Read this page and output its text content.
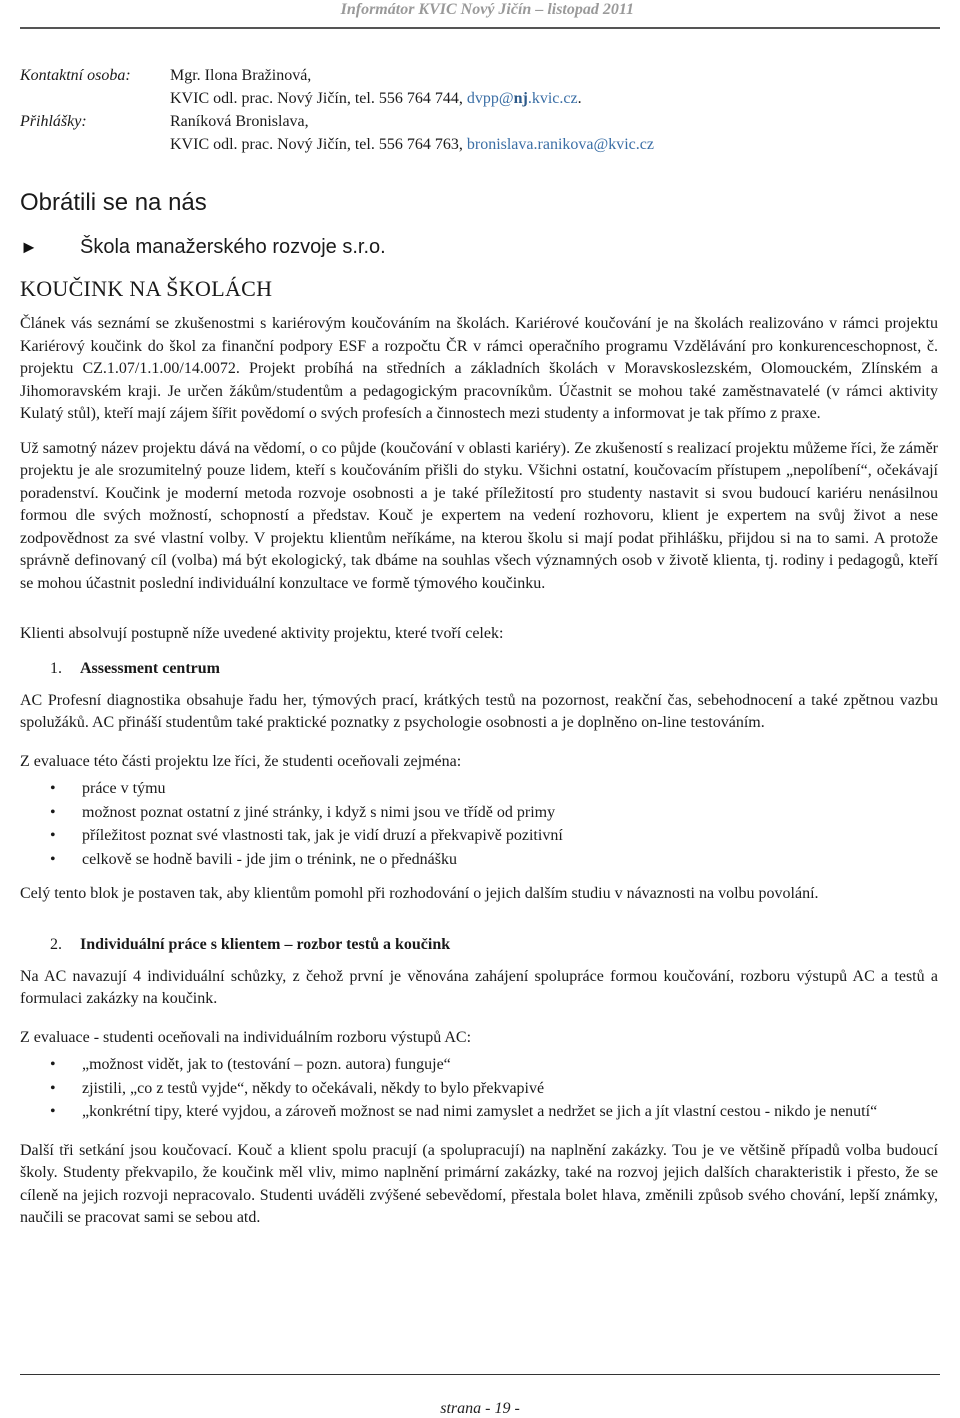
Informátor KVIC Nový Jičín – listopad 2011
Kontaktní osoba:	Mgr. Ilona Bražinová,
KVIC odl. prac. Nový Jičín, tel. 556 764 744, dvpp@nj.kvic.cz.
Přihlášky:	Raníková Bronislava,
KVIC odl. prac. Nový Jičín, tel. 556 764 763, bronislava.ranikova@kvic.cz
Obrátili se na nás
►	Škola manažerského rozvoje s.r.o.
KOUČINK NA ŠKOLÁCH

Článek vás seznámí se zkušenostmi s kariérovým koučováním na školách. Kariérové koučování je na školách realizováno v rámci projektu Kariérový koučink do škol za finanční podpory ESF a rozpočtu ČR v rámci operačního programu Vzdělávání pro konkurenceschopnost, č. projektu CZ.1.07/1.1.00/14.0072. Projekt probíhá na středních a základních školách v Moravskoslezském, Olomouckém, Zlínském a Jihomoravském kraji. Je určen žákům/studentům a pedagogickým pracovníkům. Účastnit se mohou také zaměstnavatelé (v rámci aktivity Kulatý stůl), kteří mají zájem šířit povědomí o svých profesích a činnostech mezi studenty a informovat je tak přímo z praxe.

Už samotný název projektu dává na vědomí, o co půjde (koučování v oblasti kariéry). Ze zkušeností s realizací projektu můžeme říci, že záměr projektu je ale srozumitelný pouze lidem, kteří s koučováním přišli do styku. Všichni ostatní, koučovacím přístupem „nepolíbení“, očekávají poradenství. Koučink je moderní metoda rozvoje osobnosti a je také příležitostí pro studenty nastavit si svou budoucí kariéru nenásilnou formou dle svých možností, schopností a představ. Kouč je expertem na vedení rozhovoru, klient je expertem na svůj život a nese zodpovědnost za své vlastní volby. V projektu klientům neříkáme, na kterou školu si mají podat přihlášku, přijdou si na to sami. A protože správně definovaný cíl (volba) má být ekologický, tak dbáme na souhlas všech významných osob v životě klienta, tj. rodiny i pedagogů, kteří se mohou účastnit poslední individuální konzultace ve formě týmového koučinku.

Klienti absolvují postupně níže uvedené aktivity projektu, které tvoří celek:

1.	Assessment centrum

AC Profesní diagnostika obsahuje řadu her, týmových prací, krátkých testů na pozornost, reakční čas, sebehodnocení a také zpětnou vazbu spolužáků. AC přináší studentům také praktické poznatky z psychologie osobnosti a je doplněno on-line testováním.

Z evaluace této části projektu lze říci, že studenti oceňovali zejména:

• práce v týmu
• možnost poznat ostatní z jiné stránky, i když s nimi jsou ve třídě od primy
• příležitost poznat své vlastnosti tak, jak je vidí druzí a překvapivě pozitivní
• celkově se hodně bavili - jde jim o trénink, ne o přednášku

Celý tento blok je postaven tak, aby klientům pomohl při rozhodování o jejich dalším studiu v návaznosti na volbu povolání.

2.	Individuální práce s klientem – rozbor testů a koučink

Na AC navazují 4 individuální schůzky, z čehož první je věnována zahájení spolupráce formou koučování, rozboru výstupů AC a testů a formulaci zakázky na koučink.

Z evaluace - studenti oceňovali na individuálním rozboru výstupů AC:

• „možnost vidět, jak to (testování – pozn. autora) funguje“
• zjistili, „co z testů vyjde“, někdy to očekávali, někdy to bylo překvapivé
• „konkrétní tipy, které vyjdou, a zároveň možnost se nad nimi zamyslet a nedržet se jich a jít vlastní cestou - nikdo je nenutí“

Další tři setkání jsou koučovací. Kouč a klient spolu pracují (a spolupracují) na naplnění zakázky. Tou je ve většině případů volba budoucí školy. Studenty překvapilo, že koučink měl vliv, mimo naplnění primární zakázky, také na rozvoj jejich dalších charakteristik i přesto, že se cíleně na jejich rozvoji nepracovalo. Studenti uváděli zvýšené sebevědomí, přestala bolet hlava, změnili způsob svého chování, lepší známky, naučili se pracovat sami se sebou atd.

strana - 19 -
